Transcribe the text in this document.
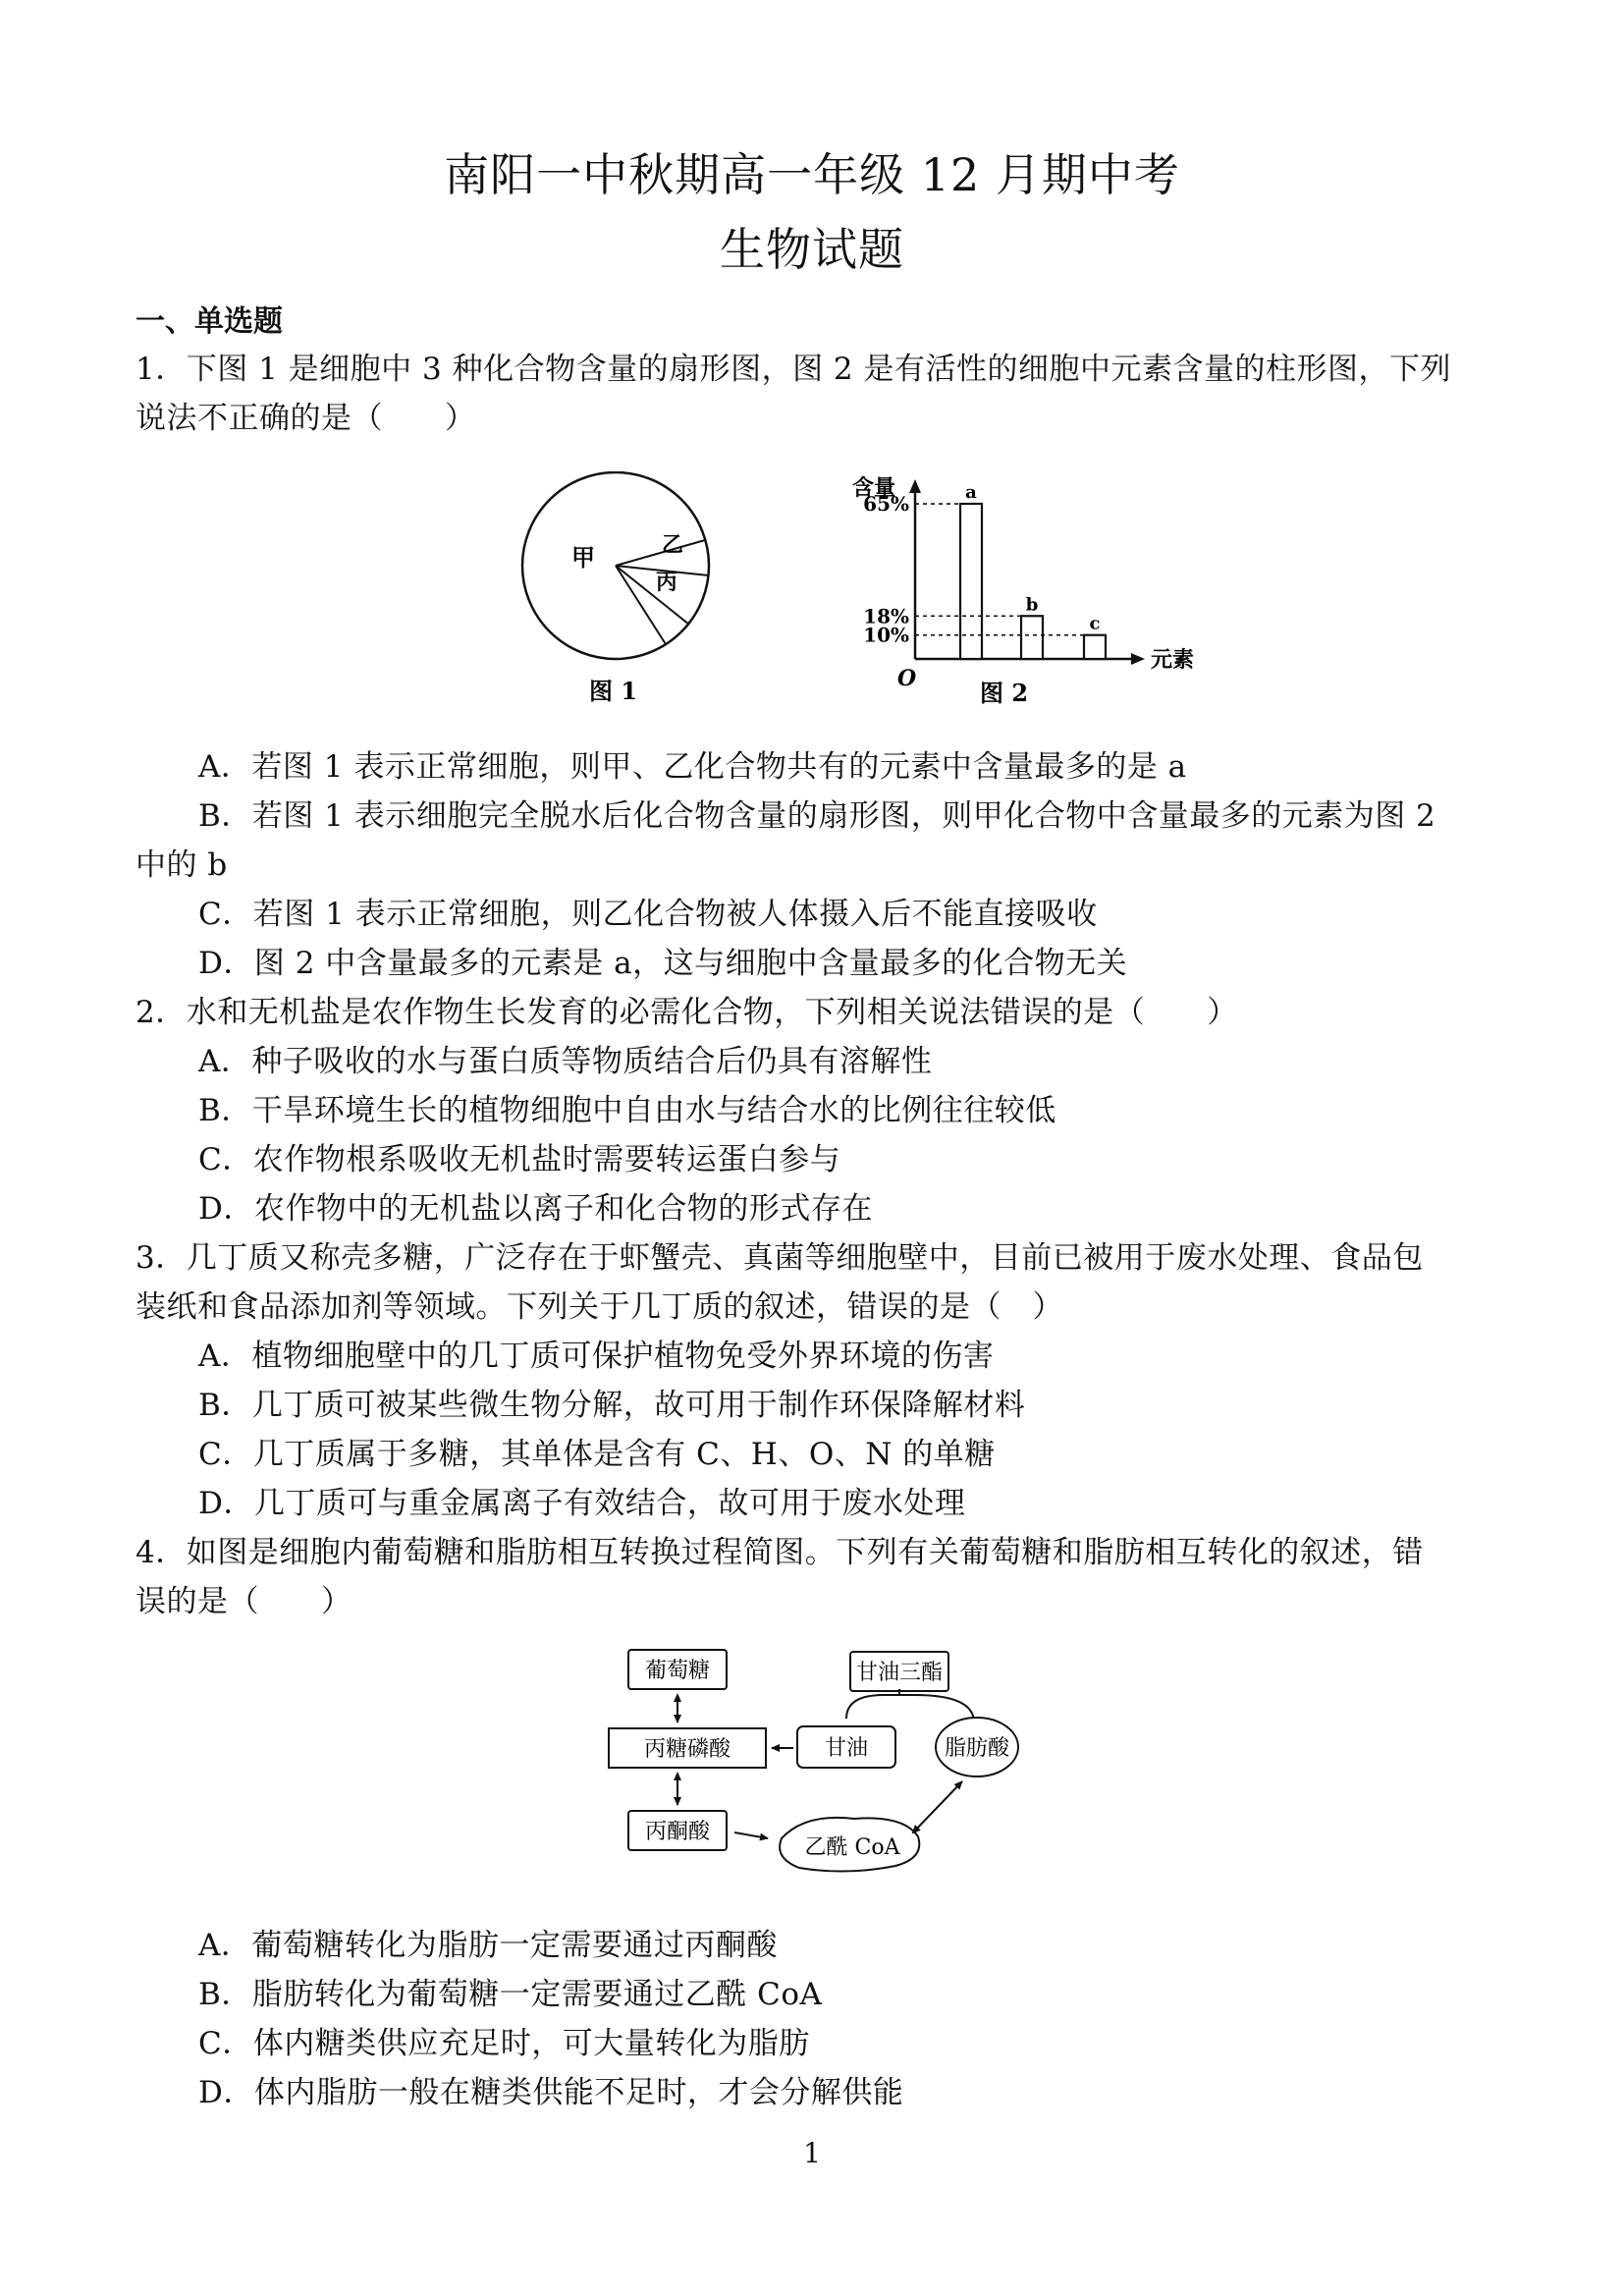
南阳一中秋期高一年级 12 月期中考
生物试题
一、单选题
1．下图 1 是细胞中 3 种化合物含量的扇形图，图 2 是有活性的细胞中元素含量的柱形图，下列
说法不正确的是（　　）
甲	乙
丙
图 1
含量
元素
O
a
65%
b
18%	c
10%
图 2
A．若图 1 表示正常细胞，则甲、乙化合物共有的元素中含量最多的是 a
B．若图 1 表示细胞完全脱水后化合物含量的扇形图，则甲化合物中含量最多的元素为图 2
中的 b
C．若图 1 表示正常细胞，则乙化合物被人体摄入后不能直接吸收
D．图 2 中含量最多的元素是 a，这与细胞中含量最多的化合物无关
2．水和无机盐是农作物生长发育的必需化合物，下列相关说法错误的是（　　）
A．种子吸收的水与蛋白质等物质结合后仍具有溶解性
B．干旱环境生长的植物细胞中自由水与结合水的比例往往较低
C．农作物根系吸收无机盐时需要转运蛋白参与
D．农作物中的无机盐以离子和化合物的形式存在
3．几丁质又称壳多糖，广泛存在于虾蟹壳、真菌等细胞壁中，目前已被用于废水处理、食品包
装纸和食品添加剂等领域。下列关于几丁质的叙述，错误的是（　）
A．植物细胞壁中的几丁质可保护植物免受外界环境的伤害
B．几丁质可被某些微生物分解，故可用于制作环保降解材料
C．几丁质属于多糖，其单体是含有 C、H、O、N 的单糖
D．几丁质可与重金属离子有效结合，故可用于废水处理
4．如图是细胞内葡萄糖和脂肪相互转换过程简图。下列有关葡萄糖和脂肪相互转化的叙述，错
误的是（　　）
葡萄糖	甘油三酯
丙糖磷酸	甘油	脂肪酸
丙酮酸
乙酰 CoA
A．葡萄糖转化为脂肪一定需要通过丙酮酸
B．脂肪转化为葡萄糖一定需要通过乙酰 CoA
C．体内糖类供应充足时，可大量转化为脂肪
D．体内脂肪一般在糖类供能不足时，才会分解供能
1
